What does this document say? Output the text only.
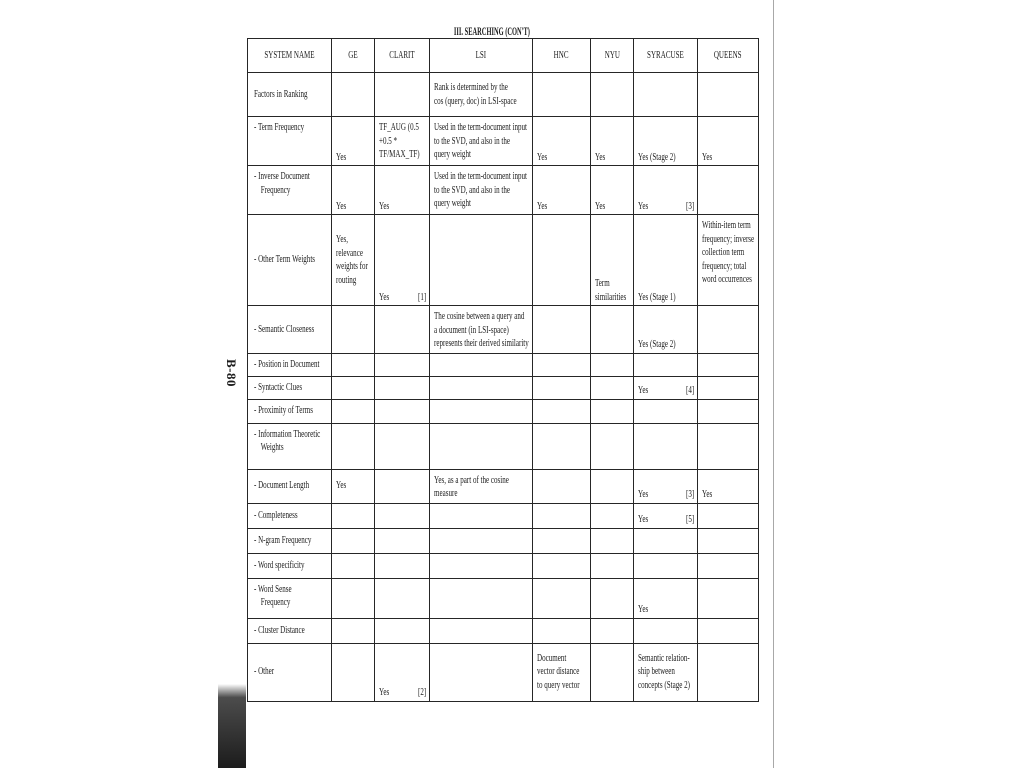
III. SEARCHING (CON'T)
B-80
SYSTEM NAME	GE	CLARIT	LSI	HNC	NYU	SYRACUSE	QUEENS
Factors in Ranking			Rank is determined by the
cos (query, doc) in LSI-space				
- Term Frequency	Yes	TF_AUG (0.5
+0.5 *
TF/MAX_TF)	Used in the term-document input
to the SVD, and also in the
query weight	Yes	Yes	Yes (Stage 2)	Yes
- Inverse Document
Frequency	Yes	Yes	Used in the term-document input
to the SVD, and also in the
query weight	Yes	Yes	Yes [3]	

- Other Term Weights	Yes,
relevance
weights for
routing	Yes [1]			Term
similarities	Yes (Stage 1)	Within-item term
frequency; inverse
collection term
frequency; total
word occurrences
- Semantic Closeness			The cosine between a query and
a document (in LSI-space)
represents their derived similarity			Yes (Stage 2)	
- Position in Document							
- Syntactic Clues						Yes [4]	

- Proximity of Terms							
- Information Theoretic
Weights							
- Document Length	Yes		Yes, as a part of the cosine
measure			Yes [3]	Yes
- Completeness						Yes [5]	

- N-gram Frequency							
- Word specificity							
- Word Sense
Frequency						Yes	
- Cluster Distance							
- Other		Yes [2]		Document
vector distance
to query vector		Semantic relation-
ship between
concepts (Stage 2)	
